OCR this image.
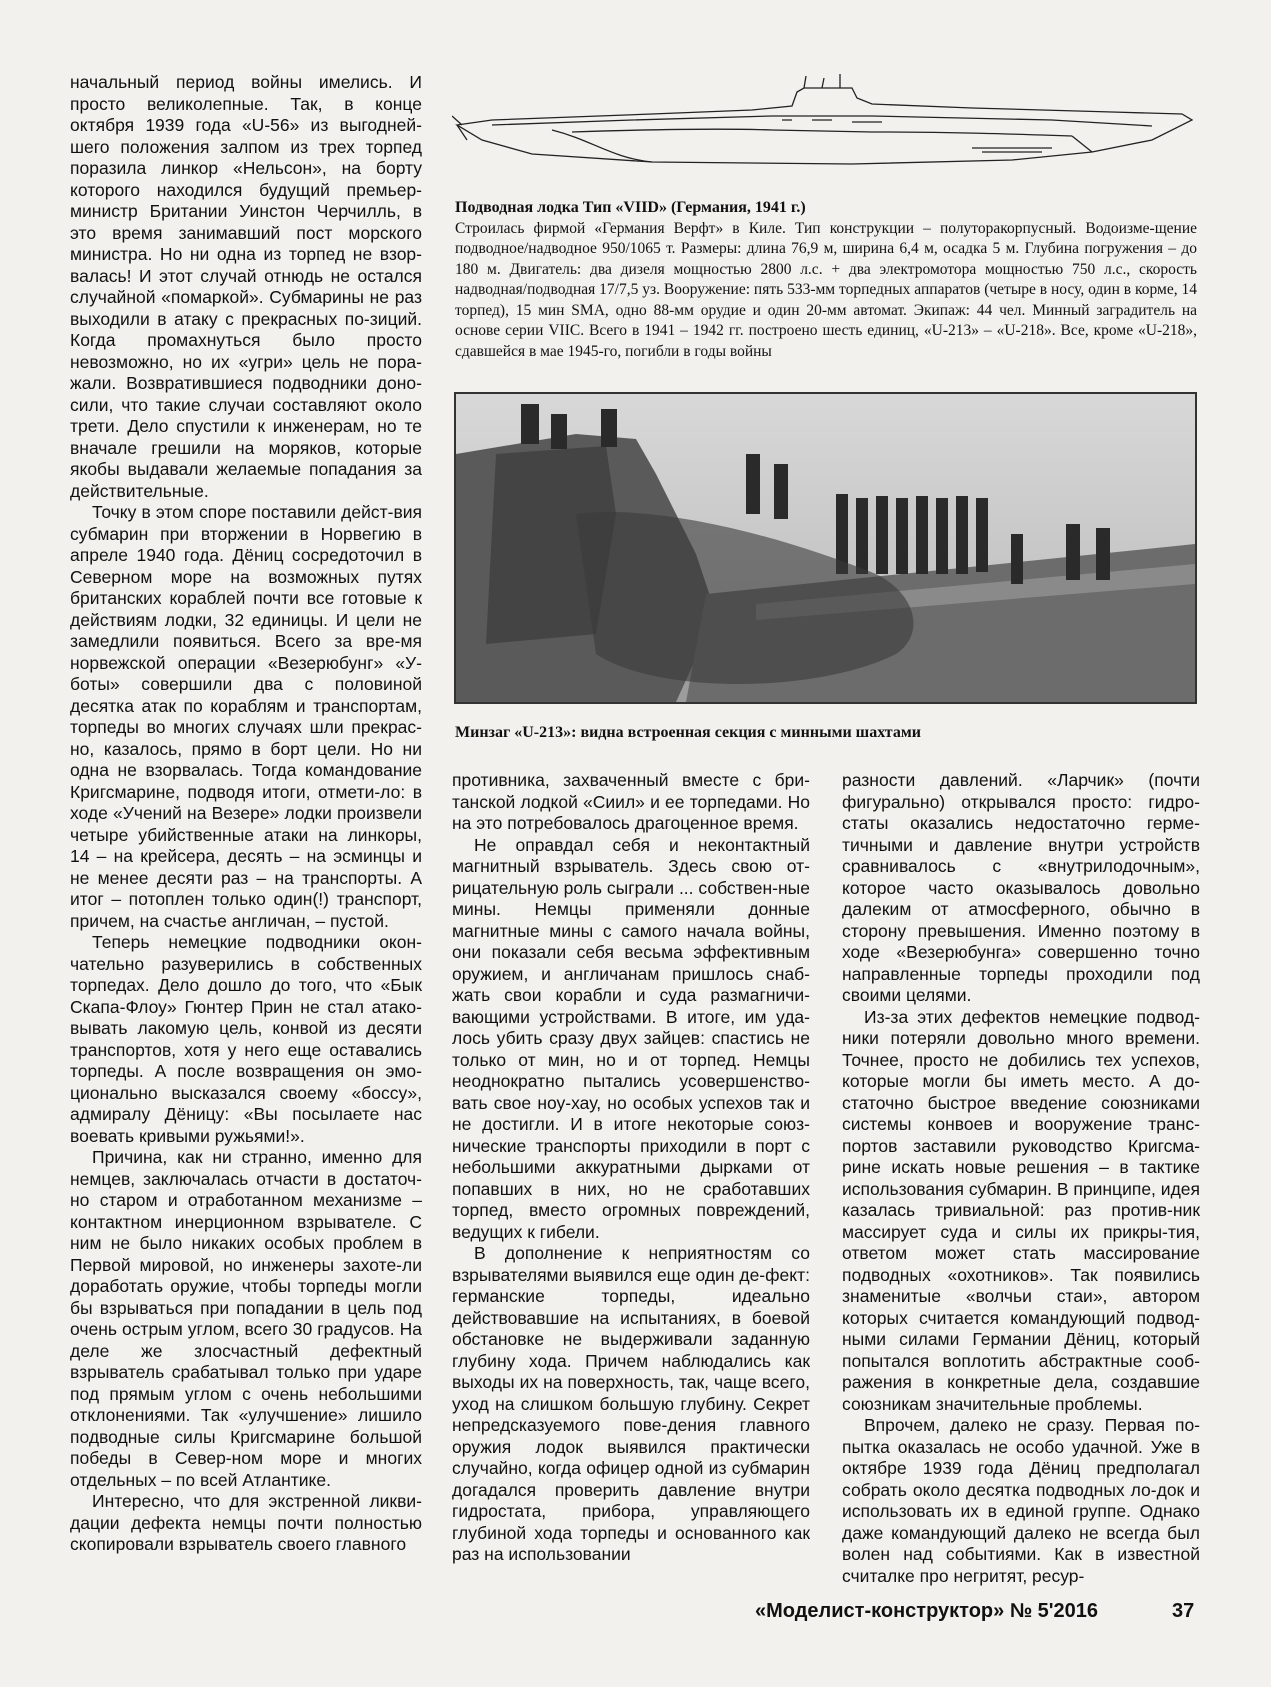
начальный период войны имелись. И просто великолепные. Так, в конце октября 1939 года «U-56» из выгодней-шего положения залпом из трех торпед поразила линкор «Нельсон», на борту которого находился будущий премьер-министр Британии Уинстон Черчилль, в это время занимавший пост морского министра. Но ни одна из торпед не взор-валась! И этот случай отнюдь не остался случайной «помаркой». Субмарины не раз выходили в атаку с прекрасных по-зиций. Когда промахнуться было просто невозможно, но их «угри» цель не пора-жали. Возвратившиеся подводники доно-сили, что такие случаи составляют около трети. Дело спустили к инженерам, но те вначале грешили на моряков, которые якобы выдавали желаемые попадания за действительные.

Точку в этом споре поставили дейст-вия субмарин при вторжении в Норвегию в апреле 1940 года. Дёниц сосредоточил в Северном море на возможных путях британских кораблей почти все готовые к действиям лодки, 32 единицы. И цели не замедлили появиться. Всего за вре-мя норвежской операции «Везерюбунг» «У-боты» совершили два с половиной десятка атак по кораблям и транспортам, торпеды во многих случаях шли прекрас-но, казалось, прямо в борт цели. Но ни одна не взорвалась. Тогда командование Кригсмарине, подводя итоги, отмети-ло: в ходе «Учений на Везере» лодки произвели четыре убийственные атаки на линкоры, 14 – на крейсера, десять – на эсминцы и не менее десяти раз – на транспорты. А итог – потоплен только один(!) транспорт, причем, на счастье англичан, – пустой.

Теперь немецкие подводники окон-чательно разуверились в собственных торпедах. Дело дошло до того, что «Бык Скапа-Флоу» Гюнтер Прин не стал атако-вывать лакомую цель, конвой из десяти транспортов, хотя у него еще оставались торпеды. А после возвращения он эмо-ционально высказался своему «боссу», адмиралу Дёницу: «Вы посылаете нас воевать кривыми ружьями!».

Причина, как ни странно, именно для немцев, заключалась отчасти в достаточ-но старом и отработанном механизме – контактном инерционном взрывателе. С ним не было никаких особых проблем в Первой мировой, но инженеры захоте-ли доработать оружие, чтобы торпеды могли бы взрываться при попадании в цель под очень острым углом, всего 30 градусов. На деле же злосчастный дефектный взрыватель срабатывал только при ударе под прямым углом с очень небольшими отклонениями. Так «улучшение» лишило подводные силы Кригсмарине большой победы в Север-ном море и многих отдельных – по всей Атлантике.

Интересно, что для экстренной ликви-дации дефекта немцы почти полностью скопировали взрыватель своего главного

Подводная лодка Тип «VIID» (Германия, 1941 г.)
Строилась фирмой «Германия Верфт» в Киле. Тип конструкции – полуторакорпусный. Водоизме-щение подводное/надводное 950/1065 т. Размеры: длина 76,9 м, ширина 6,4 м, осадка 5 м. Глубина погружения – до 180 м. Двигатель: два дизеля мощностью 2800 л.с. + два электромотора мощностью 750 л.с., скорость надводная/подводная 17/7,5 уз. Вооружение: пять 533-мм торпедных аппаратов (четыре в носу, один в корме, 14 торпед), 15 мин SMA, одно 88-мм орудие и один 20-мм автомат. Экипаж: 44 чел. Минный заградитель на основе серии VIIC. Всего в 1941 – 1942 гг. построено шесть единиц, «U-213» – «U-218». Все, кроме «U-218», сдавшейся в мае 1945-го, погибли в годы войны
Минзаг «U-213»: видна встроенная секция с минными шахтами

противника, захваченный вместе с бри-танской лодкой «Сиил» и ее торпедами. Но на это потребовалось драгоценное время.

Не оправдал себя и неконтактный магнитный взрыватель. Здесь свою от-рицательную роль сыграли ... собствен-ные мины. Немцы применяли донные магнитные мины с самого начала войны, они показали себя весьма эффективным оружием, и англичанам пришлось снаб-жать свои корабли и суда размагничи-вающими устройствами. В итоге, им уда-лось убить сразу двух зайцев: спастись не только от мин, но и от торпед. Немцы неоднократно пытались усовершенство-вать свое ноу-хау, но особых успехов так и не достигли. И в итоге некоторые союз-нические транспорты приходили в порт с небольшими аккуратными дырками от попавших в них, но не сработавших торпед, вместо огромных повреждений, ведущих к гибели.

В дополнение к неприятностям со взрывателями выявился еще один де-фект: германские торпеды, идеально действовавшие на испытаниях, в боевой обстановке не выдерживали заданную глубину хода. Причем наблюдались как выходы их на поверхность, так, чаще всего, уход на слишком большую глубину. Секрет непредсказуемого пове-дения главного оружия лодок выявился практически случайно, когда офицер одной из субмарин догадался проверить давление внутри гидростата, прибора, управляющего глубиной хода торпеды и основанного как раз на использовании

разности давлений. «Ларчик» (почти фигурально) открывался просто: гидро-статы оказались недостаточно герме-тичными и давление внутри устройств сравнивалось с «внутрилодочным», которое часто оказывалось довольно далеким от атмосферного, обычно в сторону превышения. Именно поэтому в ходе «Везерюбунга» совершенно точно направленные торпеды проходили под своими целями.

Из-за этих дефектов немецкие подвод-ники потеряли довольно много времени. Точнее, просто не добились тех успехов, которые могли бы иметь место. А до-статочно быстрое введение союзниками системы конвоев и вооружение транс-портов заставили руководство Кригсма-рине искать новые решения – в тактике использования субмарин. В принципе, идея казалась тривиальной: раз против-ник массирует суда и силы их прикры-тия, ответом может стать массирование подводных «охотников». Так появились знаменитые «волчьи стаи», автором которых считается командующий подвод-ными силами Германии Дёниц, который попытался воплотить абстрактные сооб-ражения в конкретные дела, создавшие союзникам значительные проблемы.

Впрочем, далеко не сразу. Первая по-пытка оказалась не особо удачной. Уже в октябре 1939 года Дёниц предполагал собрать около десятка подводных ло-док и использовать их в единой группе. Однако даже командующий далеко не всегда был волен над событиями. Как в известной считалке про негритят, ресур-

«Моделист-конструктор» № 5'2016	37
